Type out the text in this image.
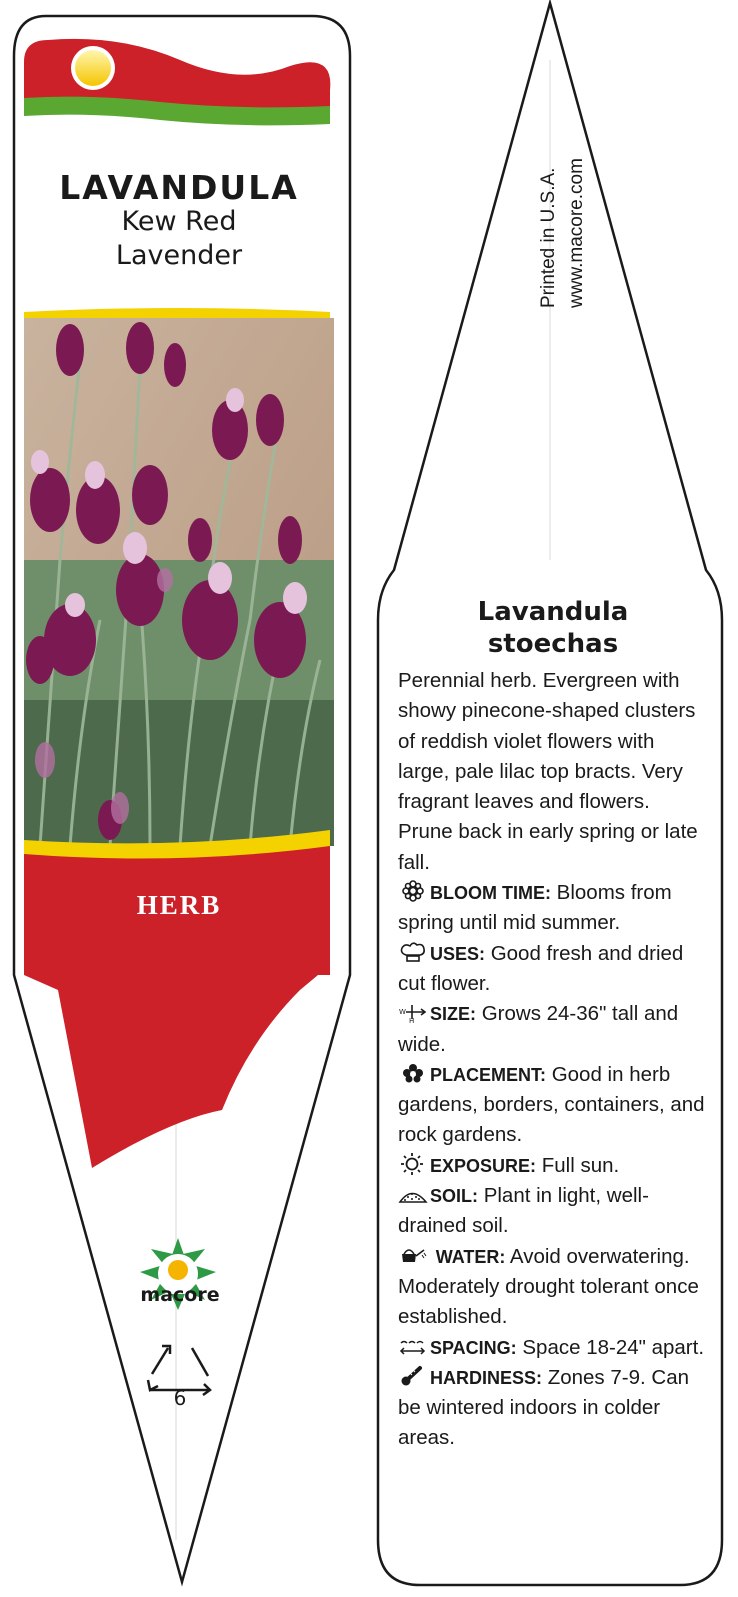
LAVANDULA
Kew Red
Lavender
HERB
macore
6
Printed in U.S.A. www.macore.com
Lavandula
stoechas

Perennial herb. Evergreen with showy pinecone-shaped clusters of reddish violet flowers with large, pale lilac top bracts. Very fragrant leaves and flowers. Prune back in early spring or late fall.

BLOOM TIME: Blooms from spring until mid summer.

USES: Good fresh and dried cut flower.

W
H SIZE: Grows 24-36" tall and wide.

PLACEMENT: Good in herb gardens, borders, containers, and rock gardens.

EXPOSURE: Full sun.

SOIL: Plant in light, well-drained soil.

WATER: Avoid overwatering. Moderately drought tolerant once established.

SPACING: Space 18-24" apart.

HARDINESS: Zones 7-9. Can be wintered indoors in colder areas.
